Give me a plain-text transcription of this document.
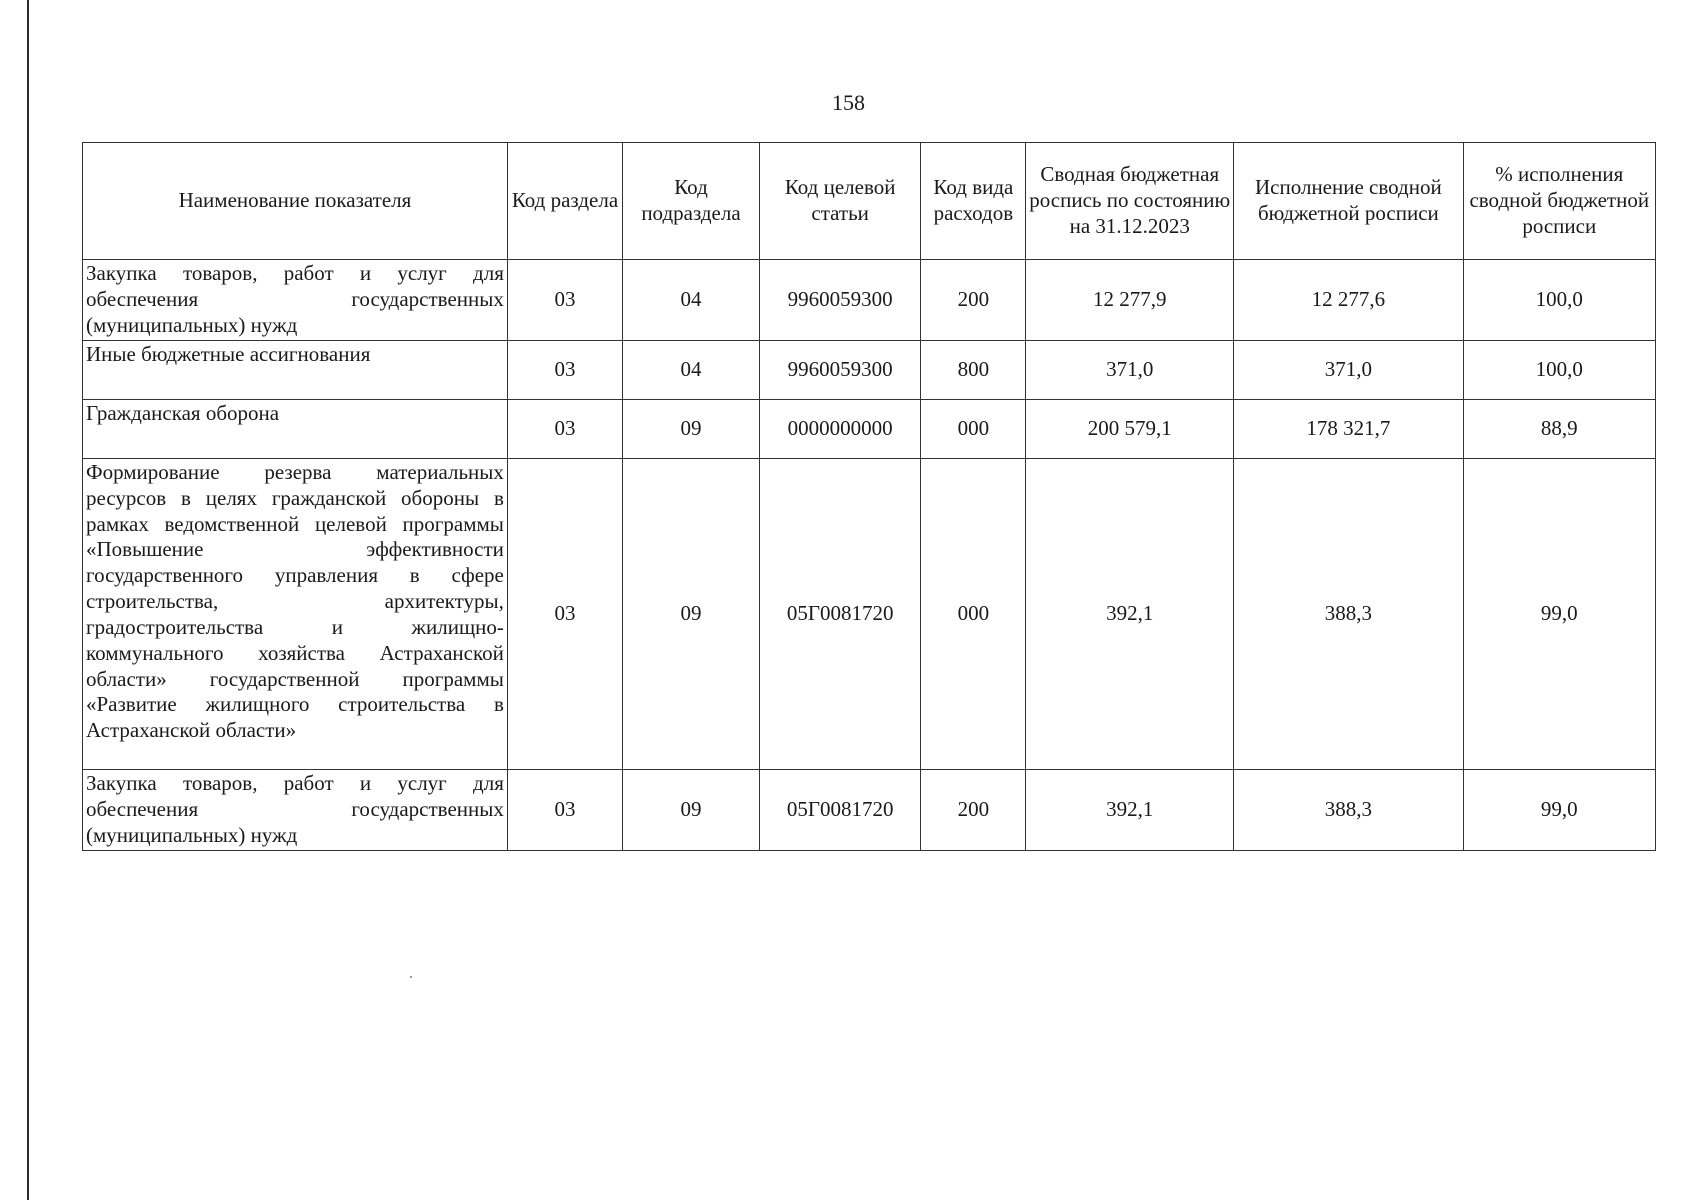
158
Наименование показателя	Код раздела	Код подраздела	Код целевой статьи	Код вида расходов	Сводная бюджетная роспись по состоянию на 31.12.2023	Исполнение сводной бюджетной росписи	% исполнения сводной бюджетной росписи
Закупка товаров, работ и услуг для обеспечения государственных (муниципальных) нужд	03	04	9960059300	200	12 277,9	12 277,6	100,0
Иные бюджетные ассигнования	03	04	9960059300	800	371,0	371,0	100,0
Гражданская оборона	03	09	0000000000	000	200 579,1	178 321,7	88,9
Формирование резерва материальных ресурсов в целях гражданской обороны в рамках ведомственной целевой программы «Повышение эффективности государственного управления в сфере строительства, архитектуры, градостроительства и жилищно-коммунального хозяйства Астраханской области» государственной программы «Развитие жилищного строительства в Астраханской области»	03	09	05Г0081720	000	392,1	388,3	99,0
Закупка товаров, работ и услуг для обеспечения государственных (муниципальных) нужд	03	09	05Г0081720	200	392,1	388,3	99,0
